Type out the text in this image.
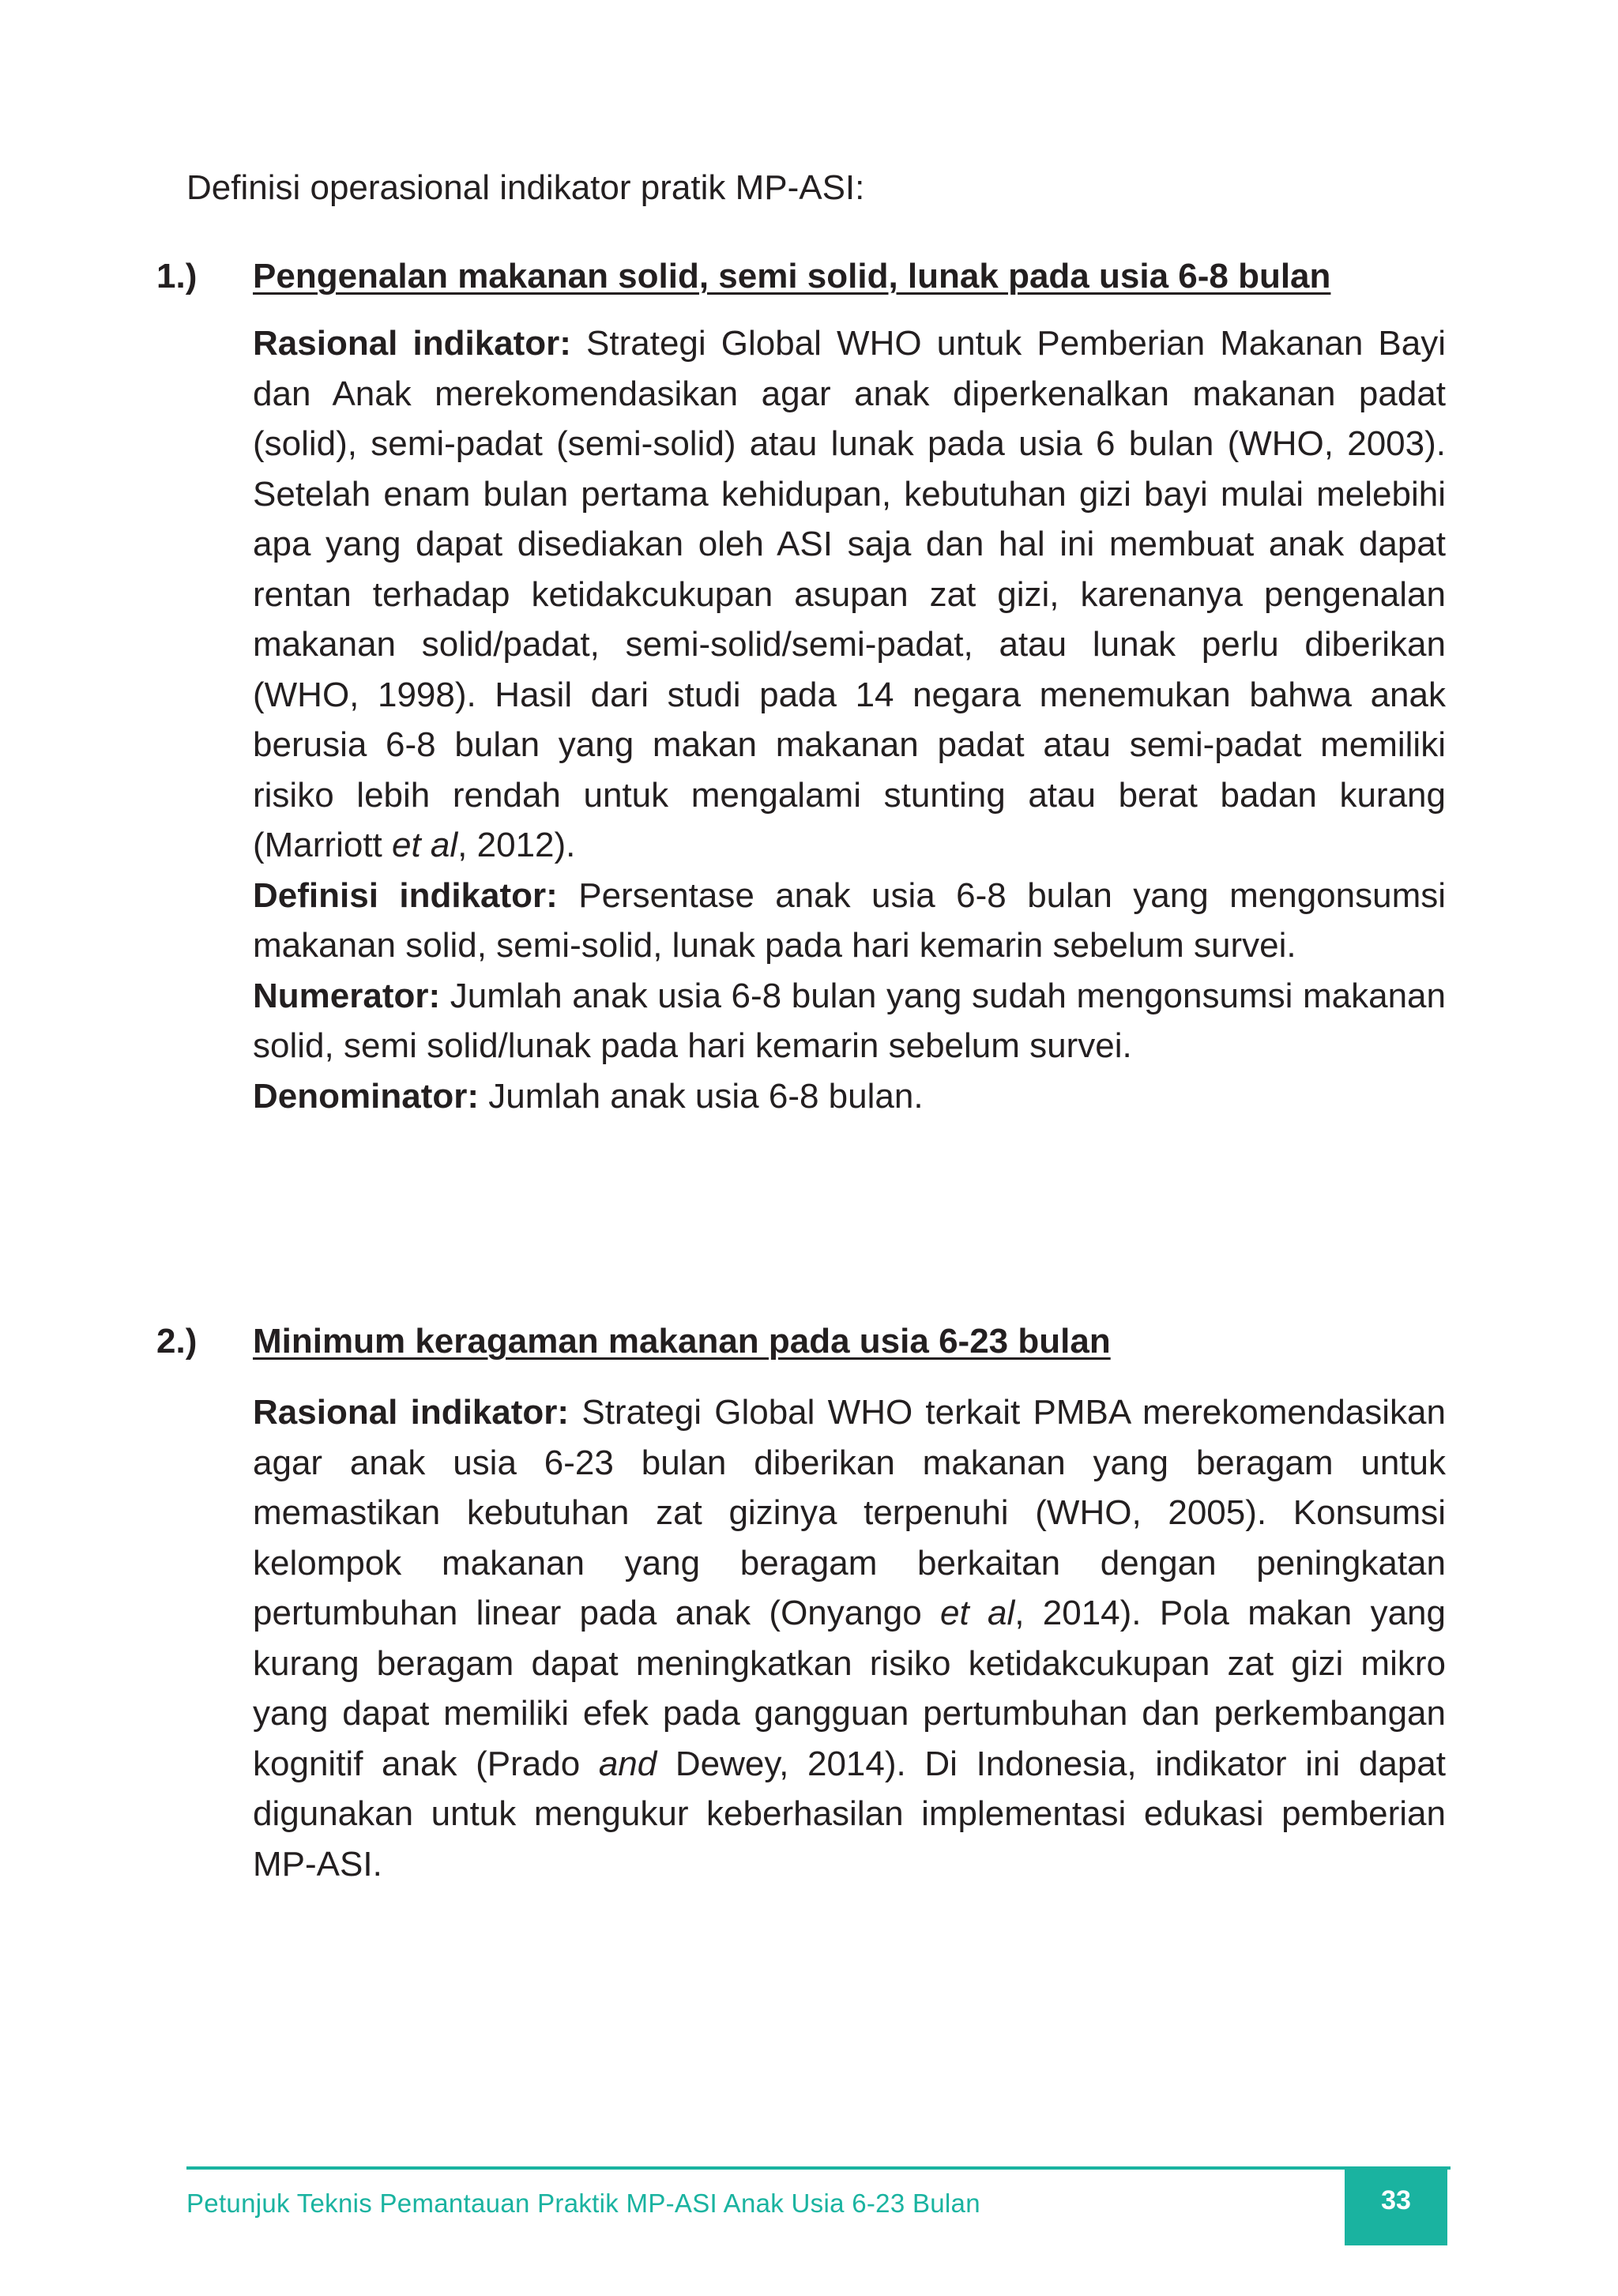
Definisi operasional indikator pratik MP-ASI:

1.) Pengenalan makanan solid, semi solid, lunak pada usia 6-8 bulan

Rasional indikator: Strategi Global WHO untuk Pemberian Makanan Bayi dan Anak merekomendasikan agar anak diperkenalkan makanan padat (solid), semi-padat (semi-solid) atau lunak pada usia 6 bulan (WHO, 2003). Setelah enam bulan pertama kehidupan, kebutuhan gizi bayi mulai melebihi apa yang dapat disediakan oleh ASI saja dan hal ini membuat anak dapat rentan terhadap ketidakcukupan asupan zat gizi, karenanya pengenalan makanan solid/padat, semi-solid/semi-padat, atau lunak perlu diberikan (WHO, 1998). Hasil dari studi pada 14 negara menemukan bahwa anak berusia 6-8 bulan yang makan makanan padat atau semi-padat memiliki risiko lebih rendah untuk mengalami stunting atau berat badan kurang (Marriott et al, 2012).

Definisi indikator: Persentase anak usia 6-8 bulan yang mengonsumsi makanan solid, semi-solid, lunak pada hari kemarin sebelum survei.

Numerator: Jumlah anak usia 6-8 bulan yang sudah mengonsumsi makanan solid, semi solid/lunak pada hari kemarin sebelum survei.

Denominator: Jumlah anak usia 6-8 bulan.

2.) Minimum keragaman makanan pada usia 6-23 bulan

Rasional indikator: Strategi Global WHO terkait PMBA merekomendasikan agar anak usia 6-23 bulan diberikan makanan yang beragam untuk memastikan kebutuhan zat gizinya terpenuhi (WHO, 2005). Konsumsi kelompok makanan yang beragam berkaitan dengan peningkatan pertumbuhan linear pada anak (Onyango et al, 2014). Pola makan yang kurang beragam dapat meningkatkan risiko ketidakcukupan zat gizi mikro yang dapat memiliki efek pada gangguan pertumbuhan dan perkembangan kognitif anak (Prado and Dewey, 2014). Di Indonesia, indikator ini dapat digunakan untuk mengukur keberhasilan implementasi edukasi pemberian MP-ASI.

Petunjuk Teknis Pemantauan Praktik MP-ASI Anak Usia 6-23 Bulan	33
